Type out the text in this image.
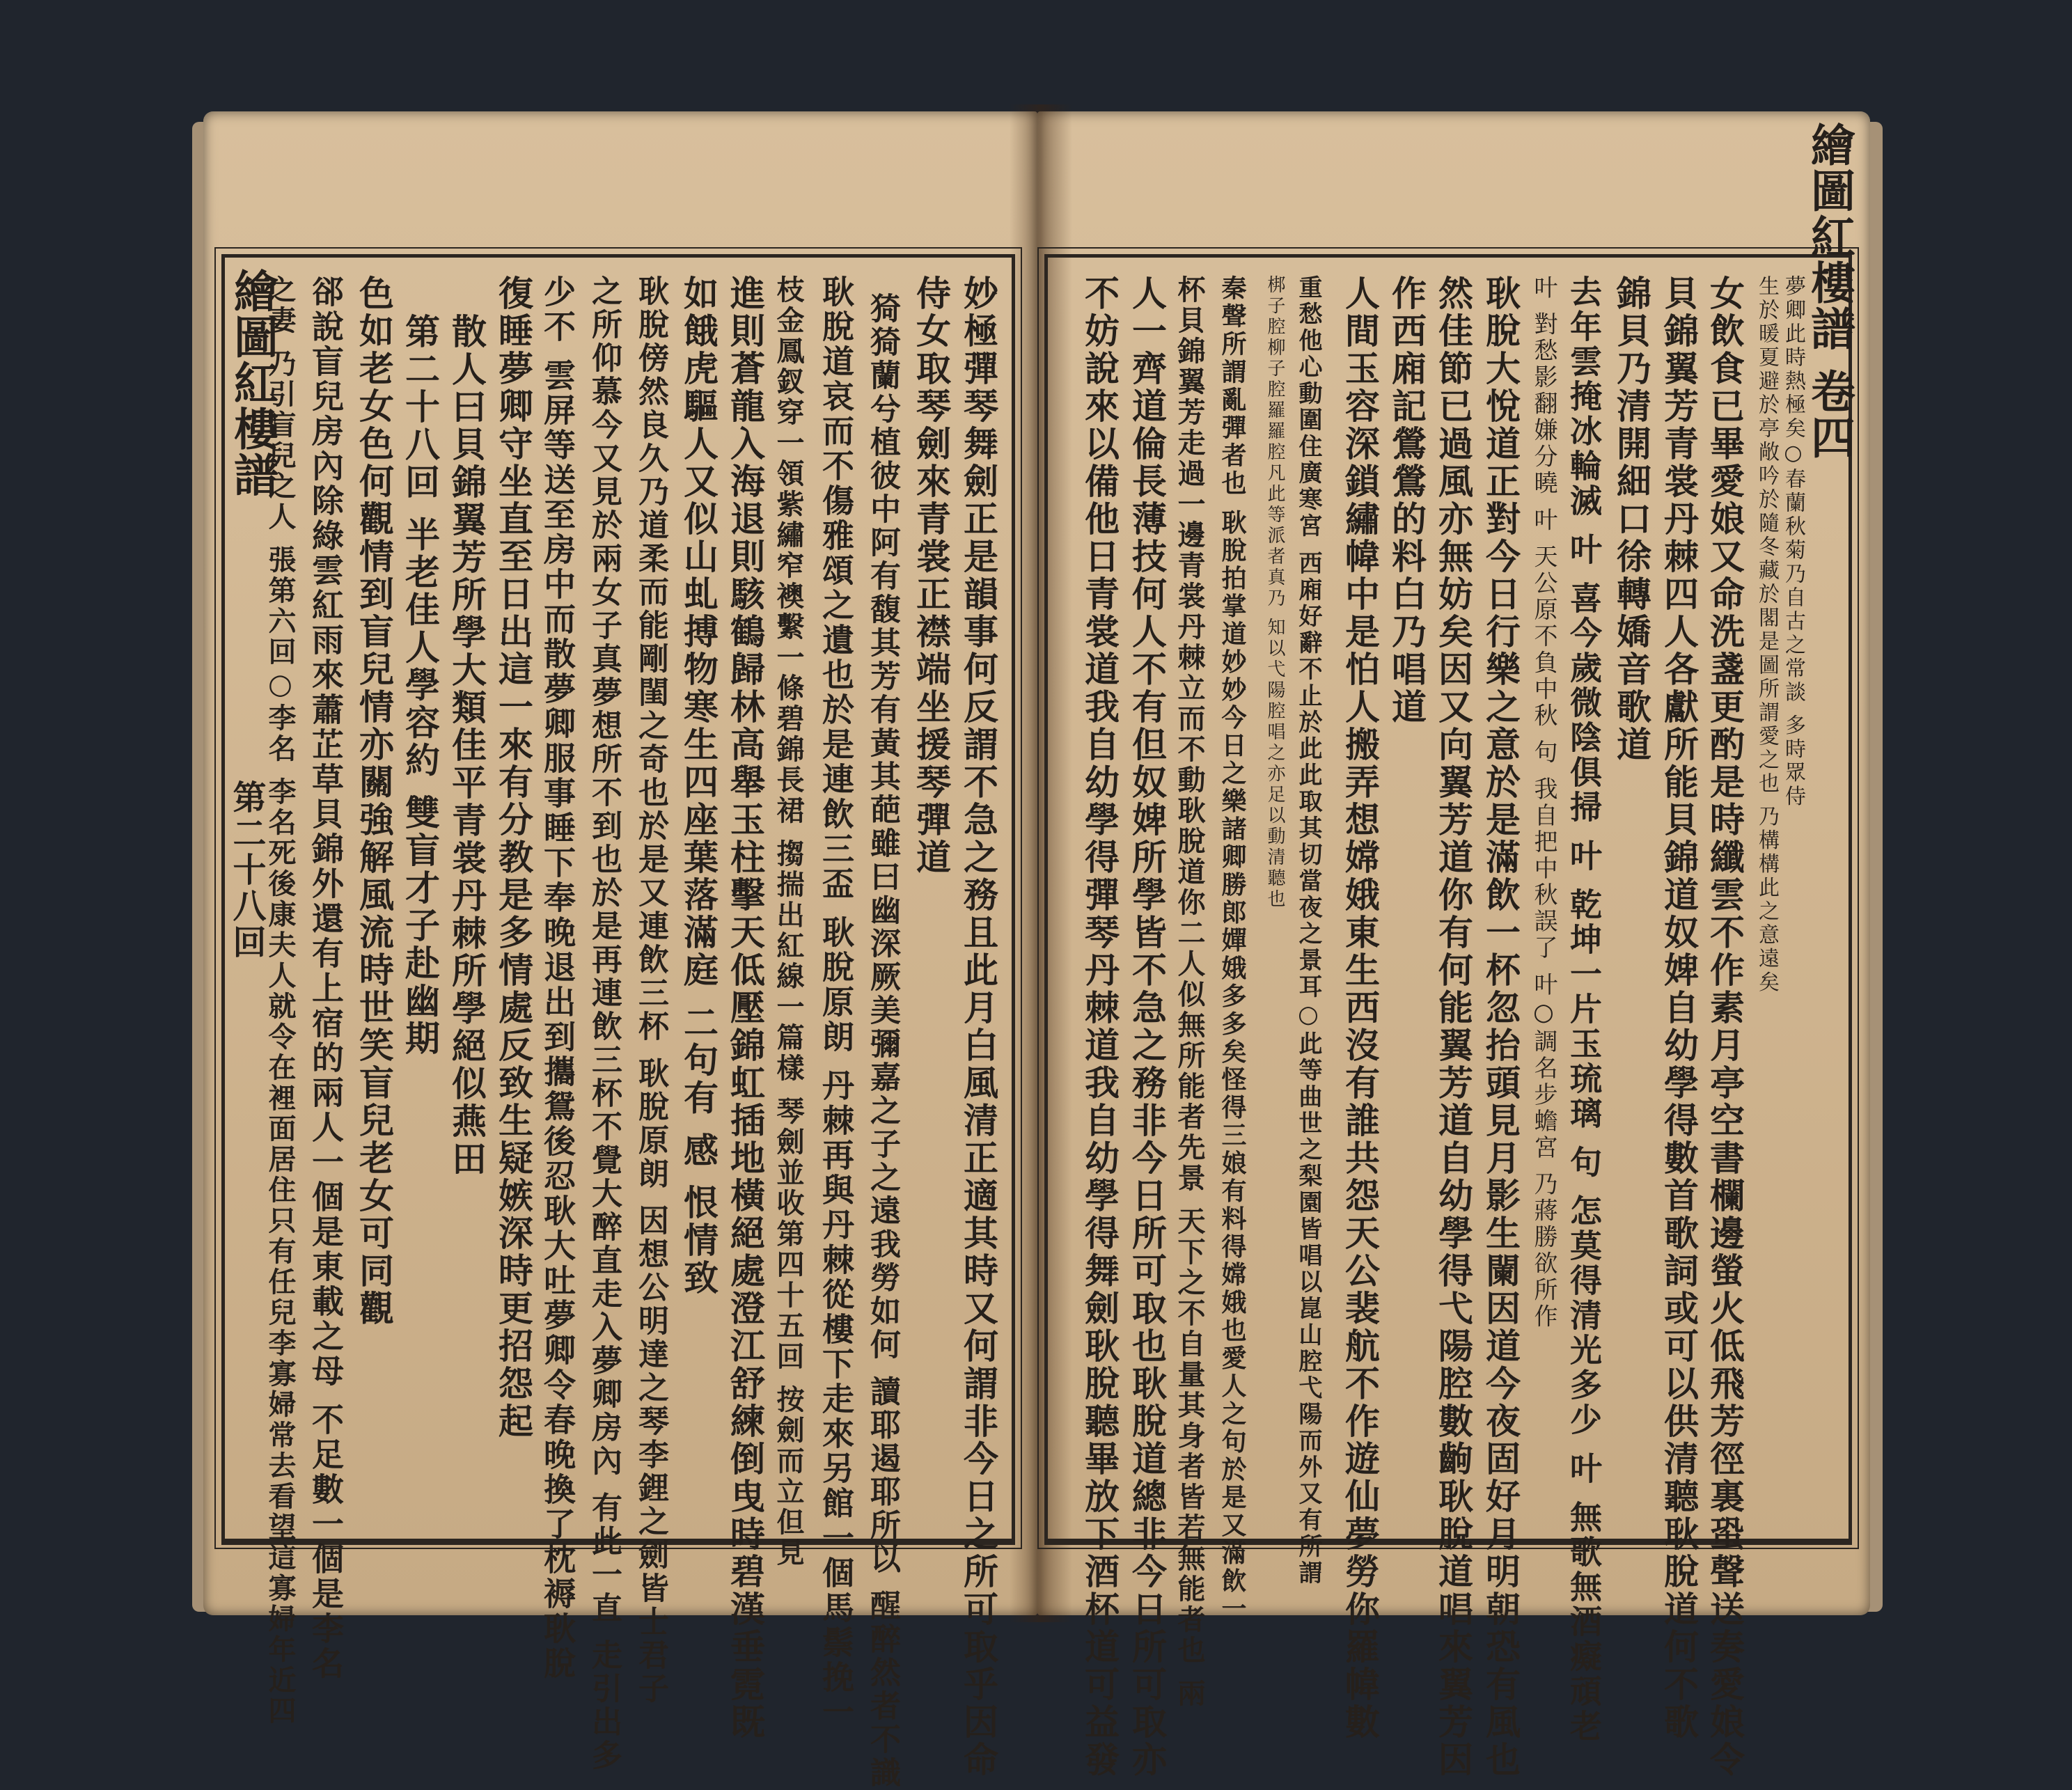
繪圖紅樓譜 卷四
繪圖紅樓譜
第二十八回
夢卿此時熱極矣○春蘭秋菊乃自古之常談 多時眾侍
生於暖夏避於亭敞吟於隨冬藏於閣是圖所謂愛之也 乃構構此之意遠矣
女飲食已畢愛娘又命洗盞更酌是時纖雲不作素月亭空書欄邊螢火低飛芳徑裏蛩聲送奏愛娘令
貝錦翼芳青裳丹棘四人各獻所能貝錦道奴婢自幼學得數首歌詞或可以供清聽耿脫道何不歌
錦貝乃清開細口徐轉嬌音歌道
去年雲掩冰輪滅 叶 喜今歲微陰俱掃 叶 乾坤一片玉琉璃 句 怎莫得清光多少 叶 無歌無酒癡頑老
叶 對愁影翻嫌分曉 叶 天公原不負中秋 句 我自把中秋誤了 叶○調名步蟾宮 乃蔣勝欲所作
耿脫大悅道正對今日行樂之意於是滿飲一杯忽抬頭見月影生闌因道今夜固好月明朝恐有風也
然佳節已過風亦無妨矣因又向翼芳道你有何能翼芳道自幼學得弋陽腔數齣耿脫道唱來翼芳因
作西廂記鶯鶯的料白乃唱道
人間玉容深鎖繡幃中是怕人搬弄想嫦娥東生西沒有誰共怨天公裴航不作遊仙夢勞你羅幃數
重愁他心動圍住廣寒宮 西廂好辭不止於此此取其切當夜之景耳○此等曲世之梨園皆唱以崑山腔弋陽而外又有所謂
梆子腔柳子腔羅羅腔凡此等派者真乃 知以弋陽腔唱之亦足以動清聽也
秦聲所謂亂彈者也 耿脫拍掌道妙妙今日之樂諸卿勝郎嬋娥多多矣怪得三娘有料得嫦娥也愛人之句於是又滿飲一
杯貝錦翼芳走過一邊青裳丹棘立而不動耿脫道你二人似無所能者先景 天下之不自量其身者皆若無能者也 兩
人一齊道倫長薄技何人不有但奴婢所學皆不急之務非今日所可取也耿脫道總非今日所可取亦
不妨說來以備他日青裳道我自幼學得彈琴丹棘道我自幼學得舞劍耿脫聽畢放下酒杯道可益發
妙極彈琴舞劍正是韻事何反謂不急之務且此月白風清正適其時又何謂非今日之所可取乎因命
侍女取琴劍來青裳正襟端坐援琴彈道
猗猗蘭兮植彼中阿有馥其芳有黃其葩雖曰幽深厥美彌嘉之子之遠我勞如何 讀耶遏耶所以 醒醉然者不識
耿脫道哀而不傷雅頌之遺也於是連飲三盃 耿脫原朗 丹棘再與丹棘從樓下走來另館一個馬鬃挽一
枝金鳳釵穿一領紫繡窄襖繫一條碧錦長裙 搊揣出紅線一篇樣 琴劍並收第四十五回 按劍而立但見
進則蒼龍入海退則駭鶴歸林高舉玉柱擊天低壓錦虹插地橫絕處澄江舒練倒曳時碧漢垂霓既
如餓虎驅人又似山虬搏物寒生四座葉落滿庭 二句有 感 恨情致
耿脫傍然良久乃道柔而能剛閨之奇也於是又連飲三杯 耿脫原朗 因想公明達之琴李鋰之劍皆士君子
之所仰慕今又見於兩女子真夢想所不到也於是再連飲三杯不覺大醉直走入夢卿房內 有此一直 走引出多
少不 雲屏等送至房中而散夢卿服事睡下奉晚退出到攜鴛後忍耿大吐夢卿令春晚換了枕褥耿脫
復睡夢卿守坐直至日出這一來有分教是多情處反致生疑嫉深時更招怨起
散人曰貝錦翼芳所學大類佳平青裳丹棘所學絕似燕田
第二十八回 半老佳人學容約 雙盲才子赴幽期
色如老女色何觀情到盲兒情亦關強解風流時世笑盲兒老女可同觀
郤說盲兒房內除綠雲紅雨來蕭芷草貝錦外還有上宿的兩人一個是東載之母 不足數一個是李名
之妻 乃引盲兒之人 張第六回○李名 李名死後康夫人就令在裡面居住只有任兒李寡婦常去看望這寡婦年近四
